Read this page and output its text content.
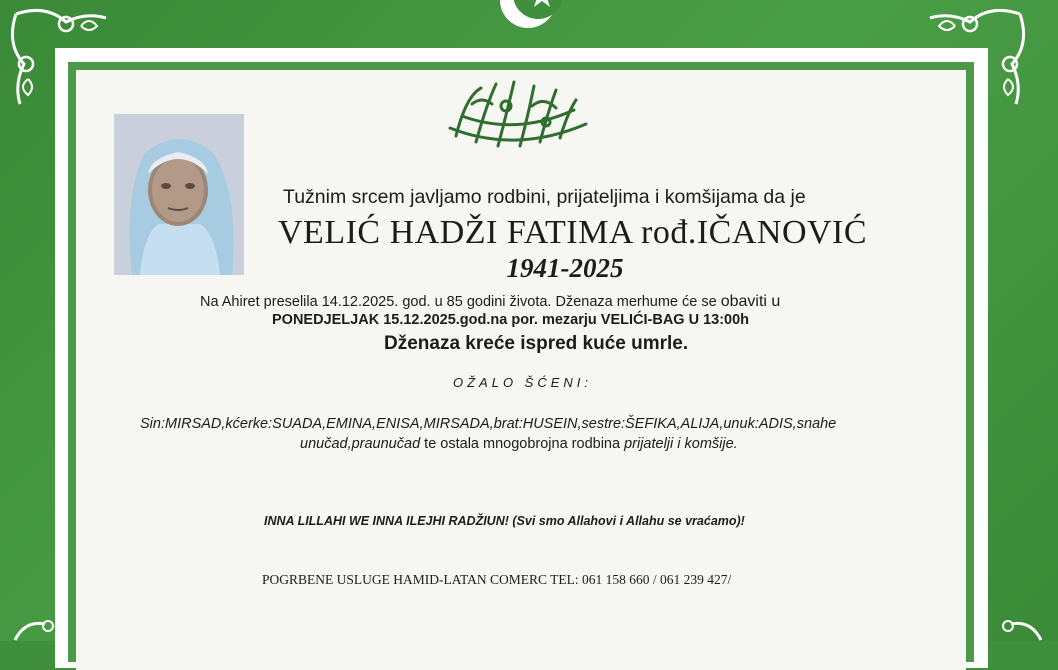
Tužnim srcem javljamo rodbini, prijateljima i komšijama da je
VELIĆ HADŽI FATIMA rođ.IČANOVIĆ
1941-2025
Na Ahiret preselila 14.12.2025. god. u 85 godini života. Dženaza merhume će se obaviti u
PONEDJELJAK 15.12.2025.god.na por. mezarju VELIĆI-BAG U 13:00h
Dženaza kreće ispred kuće umrle.
OŽALO ŠĆENI:
Sin:MIRSAD,kćerke:SUADA,EMINA,ENISA,MIRSADA,brat:HUSEIN,sestre:ŠEFIKA,ALIJA,unuk:ADIS,snahe
unučad,praunučad te ostala mnogobrojna rodbina prijatelji i komšije.
INNA LILLAHI WE INNA ILEJHI RADŽIUN! (Svi smo Allahovi i Allahu se vraćamo)!
POGRBENE USLUGE HAMID-LATAN COMERC TEL: 061 158 660 / 061 239 427/
